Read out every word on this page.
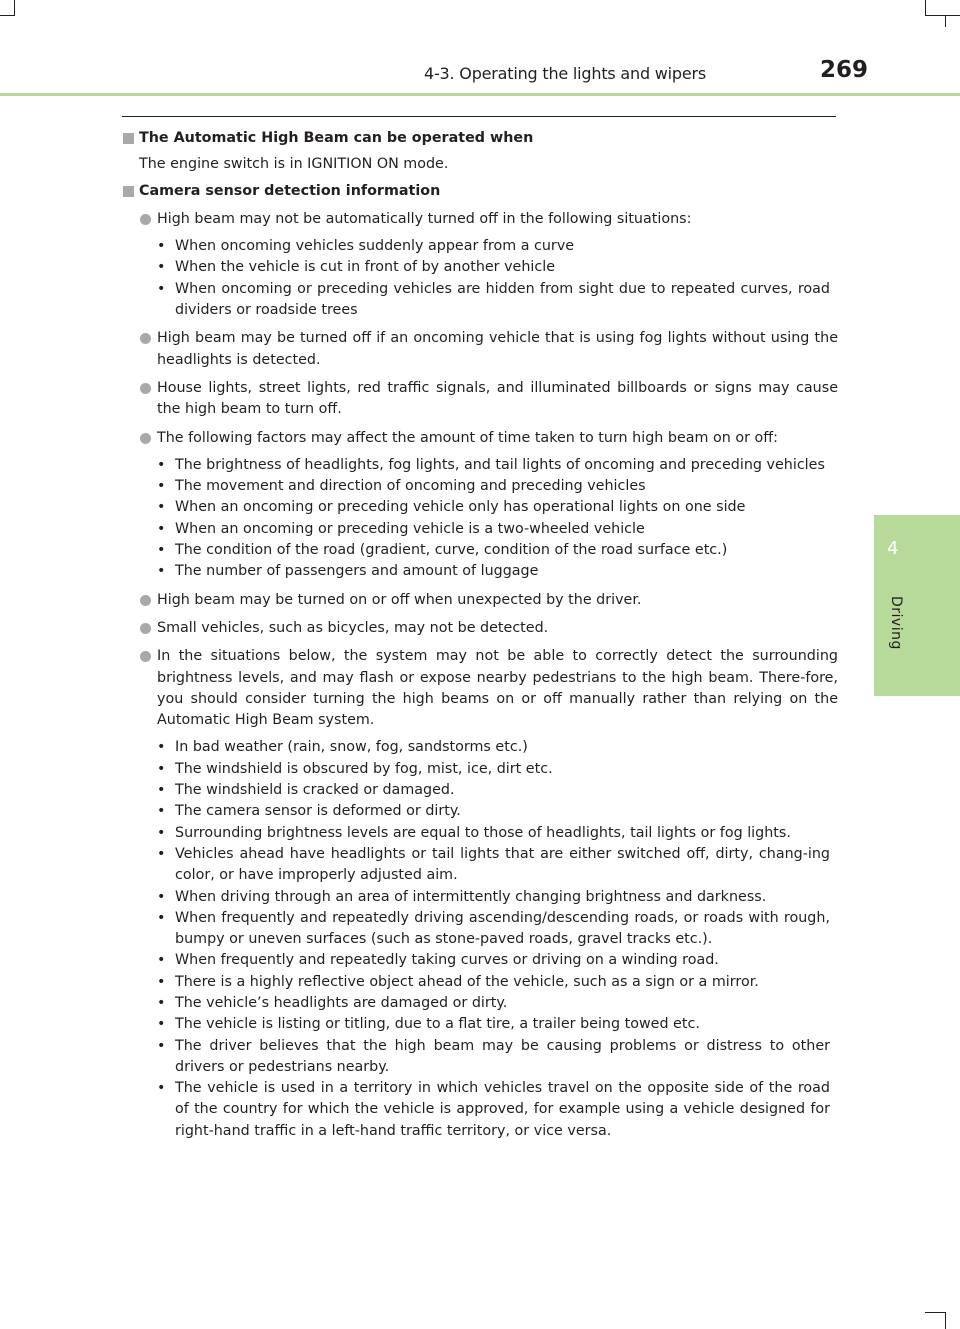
4-3. Operating the lights and wipers	269
4
Driving
The Automatic High Beam can be operated when
The engine switch is in IGNITION ON mode.
Camera sensor detection information
High beam may not be automatically turned off in the following situations:
• When oncoming vehicles suddenly appear from a curve
• When the vehicle is cut in front of by another vehicle
• When oncoming or preceding vehicles are hidden from sight due to repeated curves, road dividers or roadside trees
High beam may be turned off if an oncoming vehicle that is using fog lights without using the headlights is detected.
House lights, street lights, red traffic signals, and illuminated billboards or signs may cause the high beam to turn off.
The following factors may affect the amount of time taken to turn high beam on or off:
• The brightness of headlights, fog lights, and tail lights of oncoming and preceding vehicles
• The movement and direction of oncoming and preceding vehicles
• When an oncoming or preceding vehicle only has operational lights on one side
• When an oncoming or preceding vehicle is a two-wheeled vehicle
• The condition of the road (gradient, curve, condition of the road surface etc.)
• The number of passengers and amount of luggage
High beam may be turned on or off when unexpected by the driver.
Small vehicles, such as bicycles, may not be detected.
In the situations below, the system may not be able to correctly detect the surrounding brightness levels, and may flash or expose nearby pedestrians to the high beam. There-fore, you should consider turning the high beams on or off manually rather than relying on the Automatic High Beam system.
• In bad weather (rain, snow, fog, sandstorms etc.)
• The windshield is obscured by fog, mist, ice, dirt etc.
• The windshield is cracked or damaged.
• The camera sensor is deformed or dirty.
• Surrounding brightness levels are equal to those of headlights, tail lights or fog lights.
• Vehicles ahead have headlights or tail lights that are either switched off, dirty, chang-ing color, or have improperly adjusted aim.
• When driving through an area of intermittently changing brightness and darkness.
• When frequently and repeatedly driving ascending/descending roads, or roads with rough, bumpy or uneven surfaces (such as stone-paved roads, gravel tracks etc.).
• When frequently and repeatedly taking curves or driving on a winding road.
• There is a highly reflective object ahead of the vehicle, such as a sign or a mirror.
• The vehicle’s headlights are damaged or dirty.
• The vehicle is listing or titling, due to a flat tire, a trailer being towed etc.
• The driver believes that the high beam may be causing problems or distress to other drivers or pedestrians nearby.
• The vehicle is used in a territory in which vehicles travel on the opposite side of the road of the country for which the vehicle is approved, for example using a vehicle designed for right-hand traffic in a left-hand traffic territory, or vice versa.
